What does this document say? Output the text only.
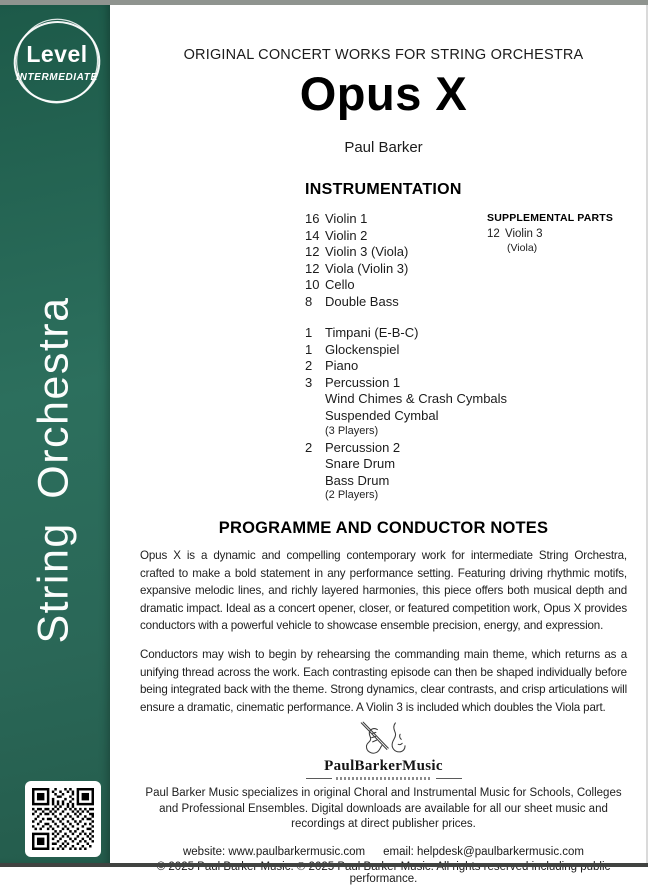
Level
INTERMEDIATE
String Orchestra
ORIGINAL CONCERT WORKS FOR STRING ORCHESTRA
Opus X
Paul Barker
INSTRUMENTATION
16 Violin 1
14 Violin 2
12 Violin 3 (Viola)
12 Viola (Violin 3)
10 Cello
8 Double Bass
1 Timpani (E-B-C)
1 Glockenspiel
2 Piano
3 Percussion 1
Wind Chimes & Crash Cymbals
Suspended Cymbal
(3 Players)
2 Percussion 2
Snare Drum
Bass Drum
(2 Players)
SUPPLEMENTAL PARTS
12 Violin 3
(Viola)
PROGRAMME AND CONDUCTOR NOTES

Opus X is a dynamic and compelling contemporary work for intermediate String Orchestra, crafted to make a bold statement in any performance setting. Featuring driving rhythmic motifs, expansive melodic lines, and richly layered harmonies, this piece offers both musical depth and dramatic impact. Ideal as a concert opener, closer, or featured competition work, Opus X provides conductors with a powerful vehicle to showcase ensemble precision, energy, and expression.

Conductors may wish to begin by rehearsing the commanding main theme, which returns as a unifying thread across the work. Each contrasting episode can then be shaped individually before being integrated back with the theme. Strong dynamics, clear contrasts, and crisp articulations will ensure a dramatic, cinematic performance. A Violin 3 is included which doubles the Viola part.

PaulBarkerMusic
Paul Barker Music specializes in original Choral and Instrumental Music for Schools, Colleges and Professional Ensembles. Digital downloads are available for all our sheet music and recordings at direct publisher prices.
website: www.paulbarkermusic.com email: helpdesk@paulbarkermusic.com
performance.
